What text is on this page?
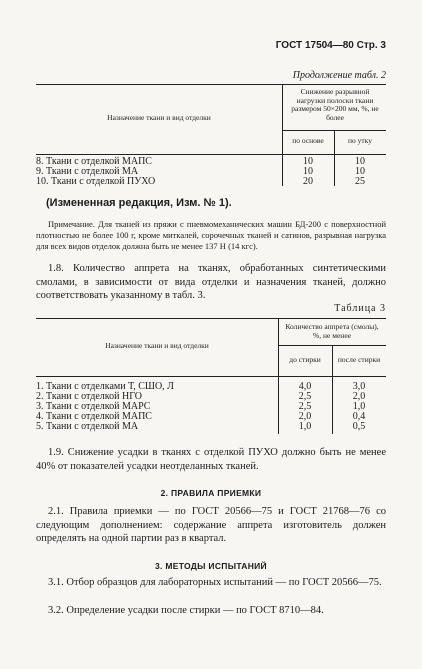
ГОСТ 17504—80 Стр. 3
Продолжение табл. 2
Назначение ткани и вид отделки
Снижение разрывной нагрузки полоски ткани размером 50×200 мм, %, не более
по основе	по утку
8. Ткани с отделкой МАПС	10	10
9. Ткани с отделкой МА	10	10
10. Ткани с отделкой ПУХО	20	25
(Измененная редакция, Изм. № 1).
Примечание. Для тканей из пряжи с пневмомеханических машин БД-200 с поверхностной плотностью не более 100 г, кроме миткалей, сорочечных тканей и сатинов, разрывная нагрузка для всех видов отделок должна быть не менее 137 Н (14 кгс).
1.8. Количество аппрета на тканях, обработанных синтетическими смолами, в зависимости от вида отделки и назначения тканей, должно соответствовать указанному в табл. 3.
Таблица 3
Назначение ткани и вид отделки
Количество аппрета (смолы), %, не менее
до стирки	после стирки
1. Ткани с отделками Т, СШО, Л	4,0	3,0
2. Ткани с отделкой НГО	2,5	2,0
3. Ткани с отделкой МАРС	2,5	1,0
4. Ткани с отделкой МАПС	2,0	0,4
5. Ткани с отделкой МА	1,0	0,5
1.9. Снижение усадки в тканях с отделкой ПУХО должно быть не менее 40% от показателей усадки неотделанных тканей.
2. ПРАВИЛА ПРИЕМКИ
2.1. Правила приемки — по ГОСТ 20566—75 и ГОСТ 21768—76 со следующим дополнением: содержание аппрета изготовитель должен определять на одной партии раз в квартал.
3. МЕТОДЫ ИСПЫТАНИЙ
3.1. Отбор образцов для лабораторных испытаний — по ГОСТ 20566—75.
3.2. Определение усадки после стирки — по ГОСТ 8710—84.
